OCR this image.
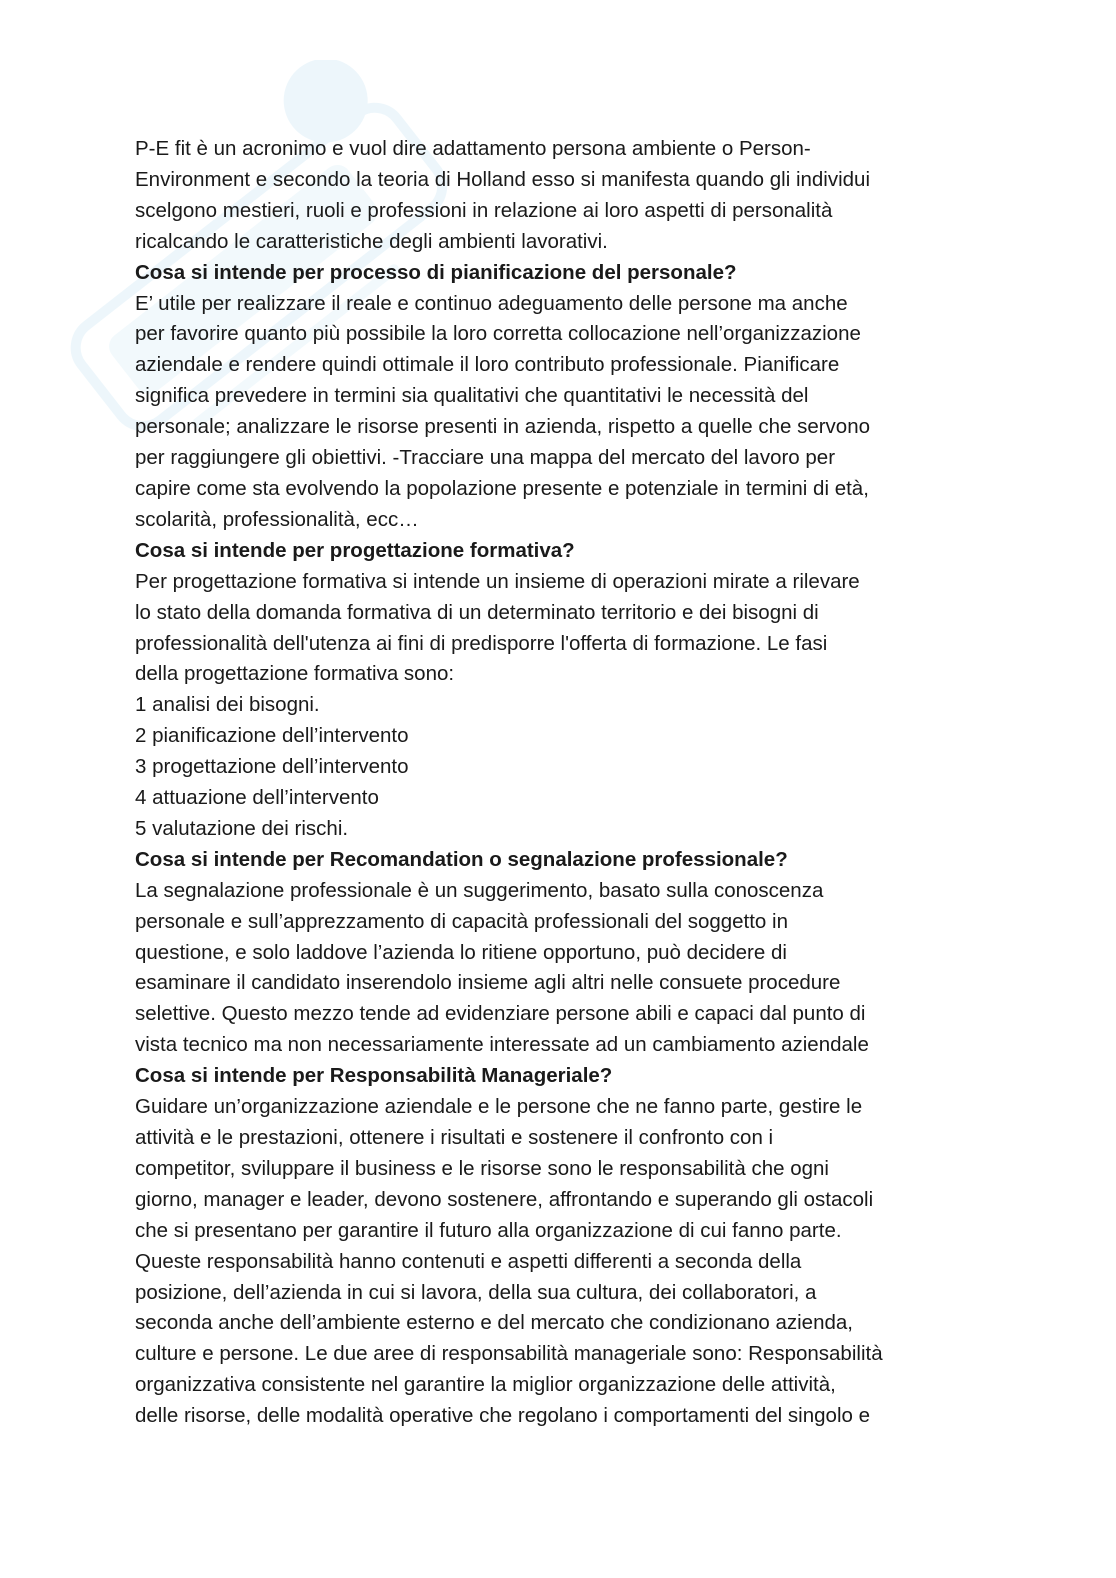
P-E fit è un acronimo e vuol dire adattamento persona ambiente o Person-
Environment e secondo la teoria di Holland esso si manifesta quando gli individui
scelgono mestieri, ruoli e professioni in relazione ai loro aspetti di personalità
ricalcando le caratteristiche degli ambienti lavorativi.

Cosa si intende per processo di pianificazione del personale?

E’ utile per realizzare il reale e continuo adeguamento delle persone ma anche
per favorire quanto più possibile la loro corretta collocazione nell’organizzazione
aziendale e rendere quindi ottimale il loro contributo professionale. Pianificare
significa prevedere in termini sia qualitativi che quantitativi le necessità del
personale; analizzare le risorse presenti in azienda, rispetto a quelle che servono
per raggiungere gli obiettivi. -Tracciare una mappa del mercato del lavoro per
capire come sta evolvendo la popolazione presente e potenziale in termini di età,
scolarità, professionalità, ecc…

Cosa si intende per progettazione formativa?

Per progettazione formativa si intende un insieme di operazioni mirate a rilevare
lo stato della domanda formativa di un determinato territorio e dei bisogni di
professionalità dell'utenza ai fini di predisporre l'offerta di formazione. Le fasi
della progettazione formativa sono:

1 analisi dei bisogni.

2 pianificazione dell’intervento

3 progettazione dell’intervento

4 attuazione dell’intervento

5 valutazione dei rischi.

Cosa si intende per Recomandation o segnalazione professionale?

La segnalazione professionale è un suggerimento, basato sulla conoscenza
personale e sull’apprezzamento di capacità professionali del soggetto in
questione, e solo laddove l’azienda lo ritiene opportuno, può decidere di
esaminare il candidato inserendolo insieme agli altri nelle consuete procedure
selettive. Questo mezzo tende ad evidenziare persone abili e capaci dal punto di
vista tecnico ma non necessariamente interessate ad un cambiamento aziendale

Cosa si intende per Responsabilità Manageriale?

Guidare un’organizzazione aziendale e le persone che ne fanno parte, gestire le
attività e le prestazioni, ottenere i risultati e sostenere il confronto con i
competitor, sviluppare il business e le risorse sono le responsabilità che ogni
giorno, manager e leader, devono sostenere, affrontando e superando gli ostacoli
che si presentano per garantire il futuro alla organizzazione di cui fanno parte.
Queste responsabilità hanno contenuti e aspetti differenti a seconda della
posizione, dell’azienda in cui si lavora, della sua cultura, dei collaboratori, a
seconda anche dell’ambiente esterno e del mercato che condizionano azienda,
culture e persone. Le due aree di responsabilità manageriale sono: Responsabilità
organizzativa consistente nel garantire la miglior organizzazione delle attività,
delle risorse, delle modalità operative che regolano i comportamenti del singolo e
